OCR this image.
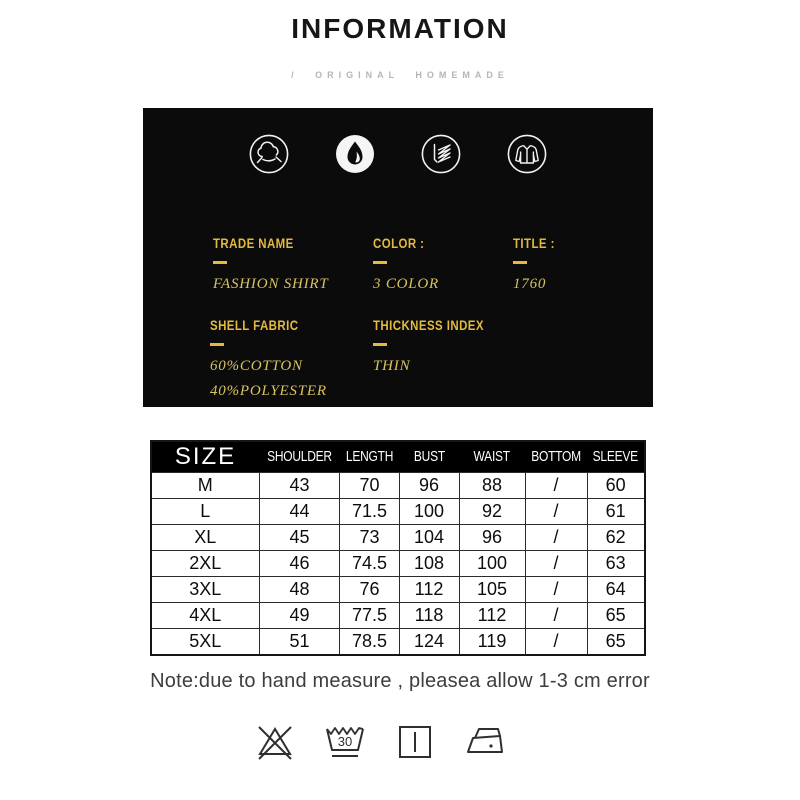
INFORMATION
/ ORIGINAL HOMEMADE
TRADE NAME
FASHION SHIRT
COLOR :
3 COLOR
TITLE :
1760
SHELL FABRIC
60%COTTON
40%POLYESTER
THICKNESS INDEX
THIN
SIZE	SHOULDER	LENGTH	BUST	WAIST	BOTTOM	SLEEVE
M	43	70	96	88	/	60
L	44	71.5	100	92	/	61
XL	45	73	104	96	/	62
2XL	46	74.5	108	100	/	63
3XL	48	76	112	105	/	64
4XL	49	77.5	118	112	/	65
5XL	51	78.5	124	119	/	65
Note:due to hand measure , pleasea allow 1-3 cm error
30
